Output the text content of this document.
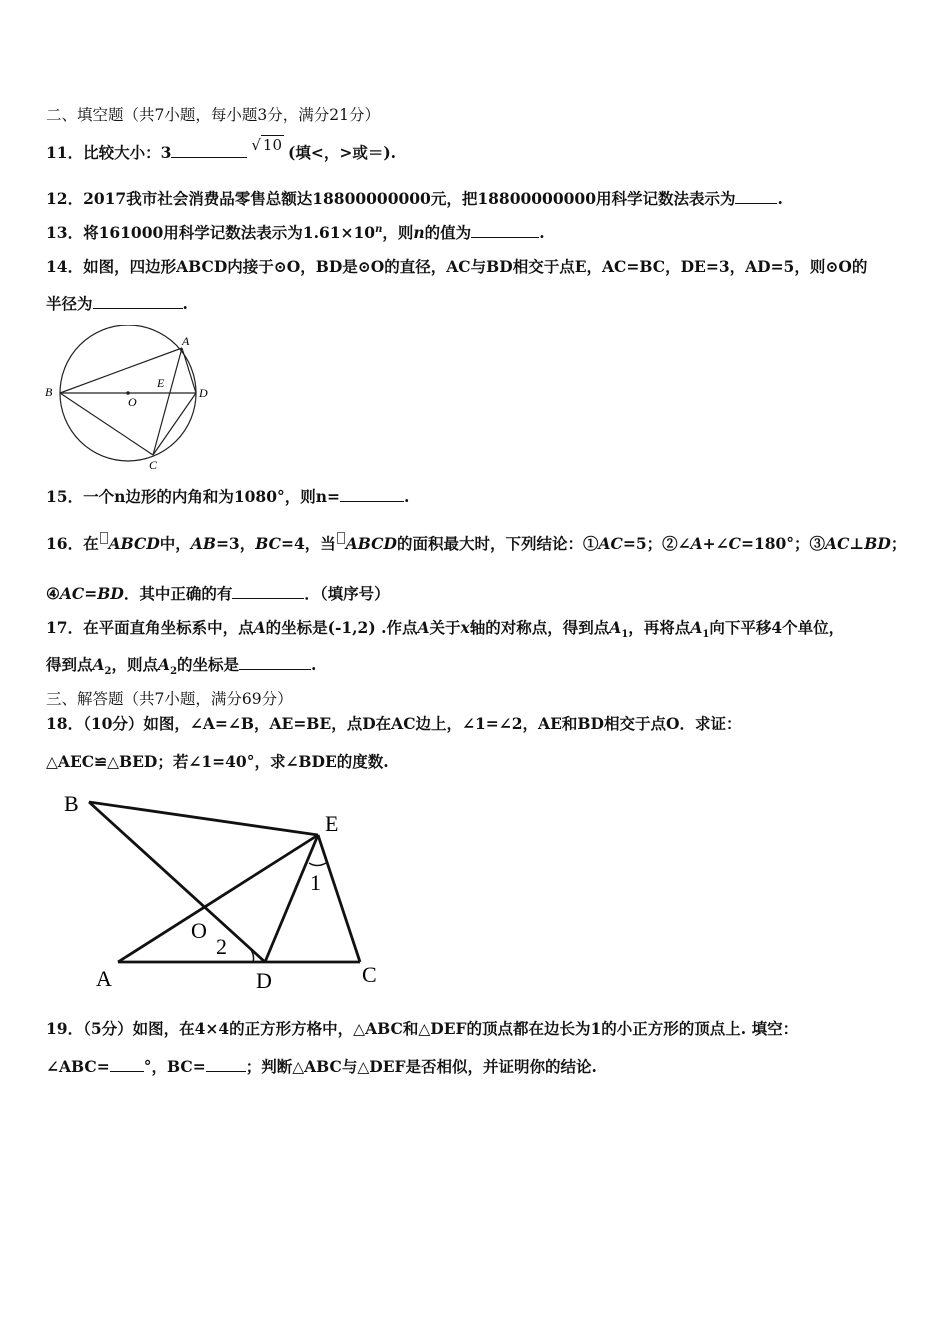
二、填空题（共7小题，每小题3分，满分21分）
11．比较大小：3	√ 10 (填<，>或＝).
12．2017我市社会消费品零售总额达18800000000元，把18800000000用科学记数法表示为	.
13．将161000用科学记数法表示为$1.61\times 10^n$，则n的值为	.
14．如图，四边形ABCD内接于⊙O，BD是⊙O的直径，AC与BD相交于点E，AC=BC，DE=3，AD=5，则⊙O的
半径为	.
A
B
C
D
E
O
15．一个n边形的内角和为1080°，则n=	.
16．在 ABCD中，AB=3，BC=4，当 ABCD的面积最大时，下列结论：①AC=5；②∠A+∠C=180°；③AC⊥BD；
④AC=BD．其中正确的有	．（填序号）
17．在平面直角坐标系中，点A的坐标是(-1,2) .作点A关于x轴的对称点，得到点$A_1$，再将点$A_1$向下平移4个单位，
得到点$A_2$，则点$A_2$的坐标是	.
三、解答题（共7小题，满分69分）
18．（10分）如图，∠A=∠B，AE=BE，点D在AC边上，∠1=∠2，AE和BD相交于点O．求证：
△AEC≌△BED；若∠1=40°，求∠BDE的度数.
B
E
A	D	C
O
1
2
19．（5分）如图，在4×4的正方形方格中，△ABC和△DEF的顶点都在边长为1的小正方形的顶点上. 填空：
∠ABC= °，BC=	；判断△ABC与△DEF是否相似，并证明你的结论.
